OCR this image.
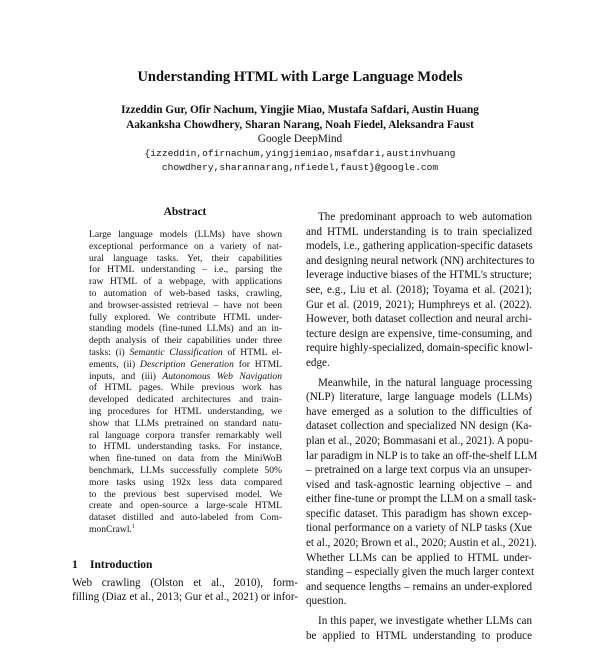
Understanding HTML with Large Language Models
Izzeddin Gur, Ofir Nachum, Yingjie Miao, Mustafa Safdari, Austin Huang
Aakanksha Chowdhery, Sharan Narang, Noah Fiedel, Aleksandra Faust
Google DeepMind
{izzeddin,ofirnachum,yingjiemiao,msafdari,austinvhuang
chowdhery,sharannarang,nfiedel,faust}@google.com
Abstract
Large language models (LLMs) have shown
exceptional performance on a variety of nat-
ural language tasks. Yet, their capabilities
for HTML understanding – i.e., parsing the
raw HTML of a webpage, with applications
to automation of web-based tasks, crawling,
and browser-assisted retrieval – have not been
fully explored. We contribute HTML under-
standing models (fine-tuned LLMs) and an in-
depth analysis of their capabilities under three
tasks: (i) Semantic Classification of HTML el-
ements, (ii) Description Generation for HTML
inputs, and (iii) Autonomous Web Navigation
of HTML pages. While previous work has
developed dedicated architectures and train-
ing procedures for HTML understanding, we
show that LLMs pretrained on standard natu-
ral language corpora transfer remarkably well
to HTML understanding tasks. For instance,
when fine-tuned on data from the MiniWoB
benchmark, LLMs successfully complete 50%
more tasks using 192x less data compared
to the previous best supervised model. We
create and open-source a large-scale HTML
dataset distilled and auto-labeled from Com-
monCrawl.$^1$
1 Introduction
Web crawling (Olston et al., 2010), form-
filling (Diaz et al., 2013; Gur et al., 2021) or infor-
The predominant approach to web automation
and HTML understanding is to train specialized
models, i.e., gathering application-specific datasets
and designing neural network (NN) architectures to
leverage inductive biases of the HTML's structure;
see, e.g., Liu et al. (2018); Toyama et al. (2021);
Gur et al. (2019, 2021); Humphreys et al. (2022).
However, both dataset collection and neural archi-
tecture design are expensive, time-consuming, and
require highly-specialized, domain-specific knowl-
edge.
Meanwhile, in the natural language processing
(NLP) literature, large language models (LLMs)
have emerged as a solution to the difficulties of
dataset collection and specialized NN design (Ka-
plan et al., 2020; Bommasani et al., 2021). A popu-
lar paradigm in NLP is to take an off-the-shelf LLM
– pretrained on a large text corpus via an unsuper-
vised and task-agnostic learning objective – and
either fine-tune or prompt the LLM on a small task-
specific dataset. This paradigm has shown excep-
tional performance on a variety of NLP tasks (Xue
et al., 2020; Brown et al., 2020; Austin et al., 2021).
Whether LLMs can be applied to HTML under-
standing – especially given the much larger context
and sequence lengths – remains an under-explored
question.
In this paper, we investigate whether LLMs can
be applied to HTML understanding to produce
